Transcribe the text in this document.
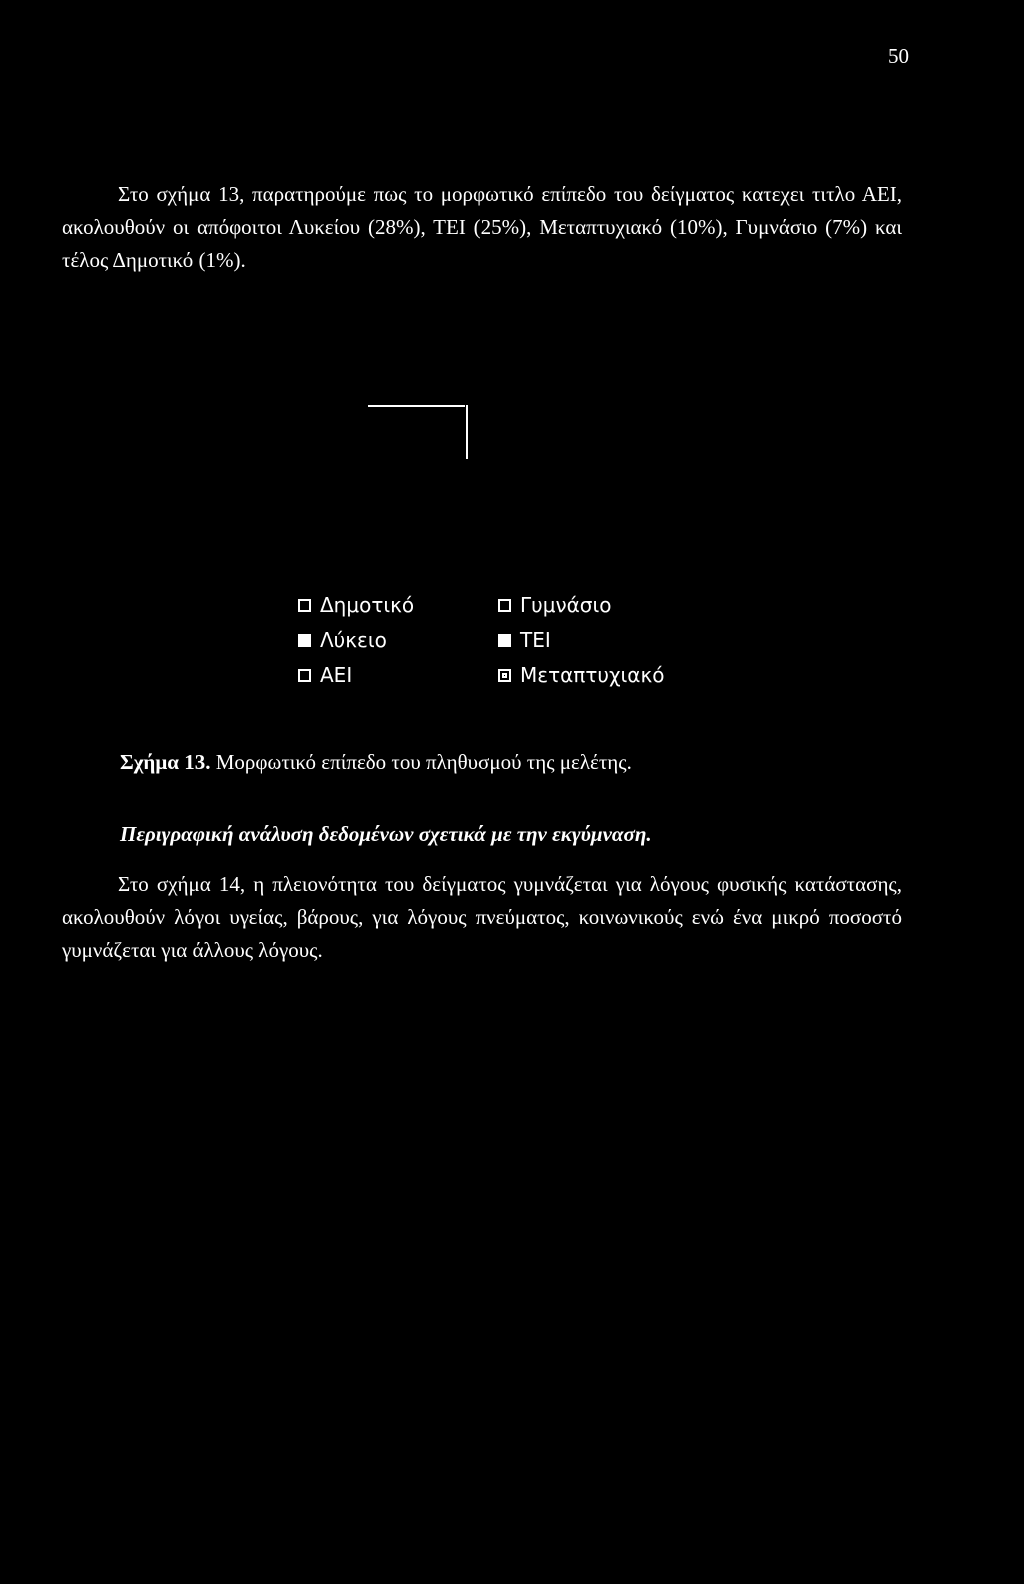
50

Στο σχήμα 13, παρατηρούμε πως το μορφωτικό επίπεδο του δείγματος κατεχει τιτλο ΑΕΙ, ακολουθούν οι απόφοιτοι Λυκείου (28%), ΤΕΙ (25%), Μεταπτυχιακό (10%), Γυμνάσιο (7%) και τέλος Δημοτικό (1%).

Δημοτικό	Γυμνάσιο
Λύκειο	ΤΕΙ
ΑΕΙ	Μεταπτυχιακό
Σχήμα 13. Μορφωτικό επίπεδο του πληθυσμού της μελέτης.
Περιγραφική ανάλυση δεδομένων σχετικά με την εκγύμναση.

Στο σχήμα 14, η πλειονότητα του δείγματος γυμνάζεται για λόγους φυσικής κατάστασης, ακολουθούν λόγοι υγείας, βάρους, για λόγους πνεύματος, κοινωνικούς ενώ ένα μικρό ποσοστό γυμνάζεται για άλλους λόγους.
